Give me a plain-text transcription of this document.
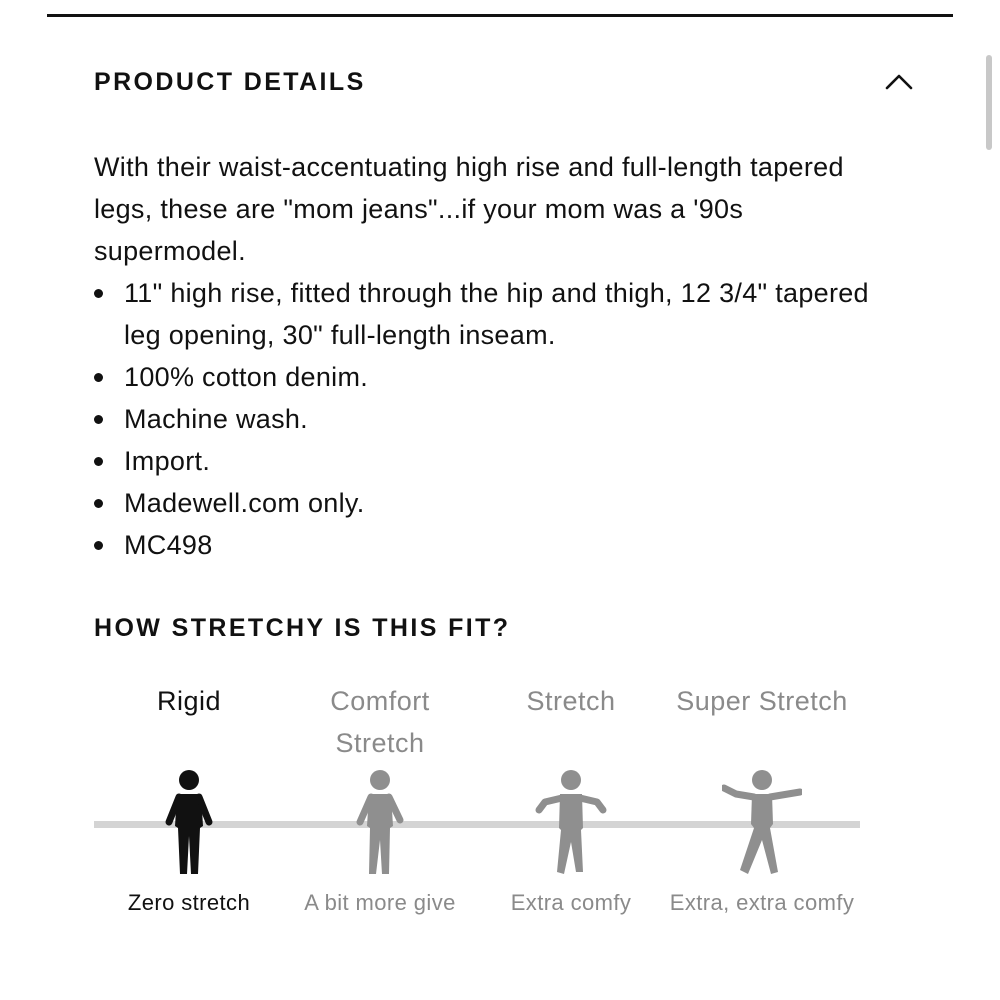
PRODUCT DETAILS

With their waist-accentuating high rise and full-length tapered legs, these are "mom jeans"...if your mom was a '90s supermodel.

11" high rise, fitted through the hip and thigh, 12 3/4" tapered leg opening, 30" full-length inseam.
100% cotton denim.
Machine wash.
Import.
Madewell.com only.
MC498
HOW STRETCHY IS THIS FIT?
Rigid
Zero stretch
Comfort Stretch
A bit more give
Stretch
Extra comfy
Super Stretch
Extra, extra comfy
